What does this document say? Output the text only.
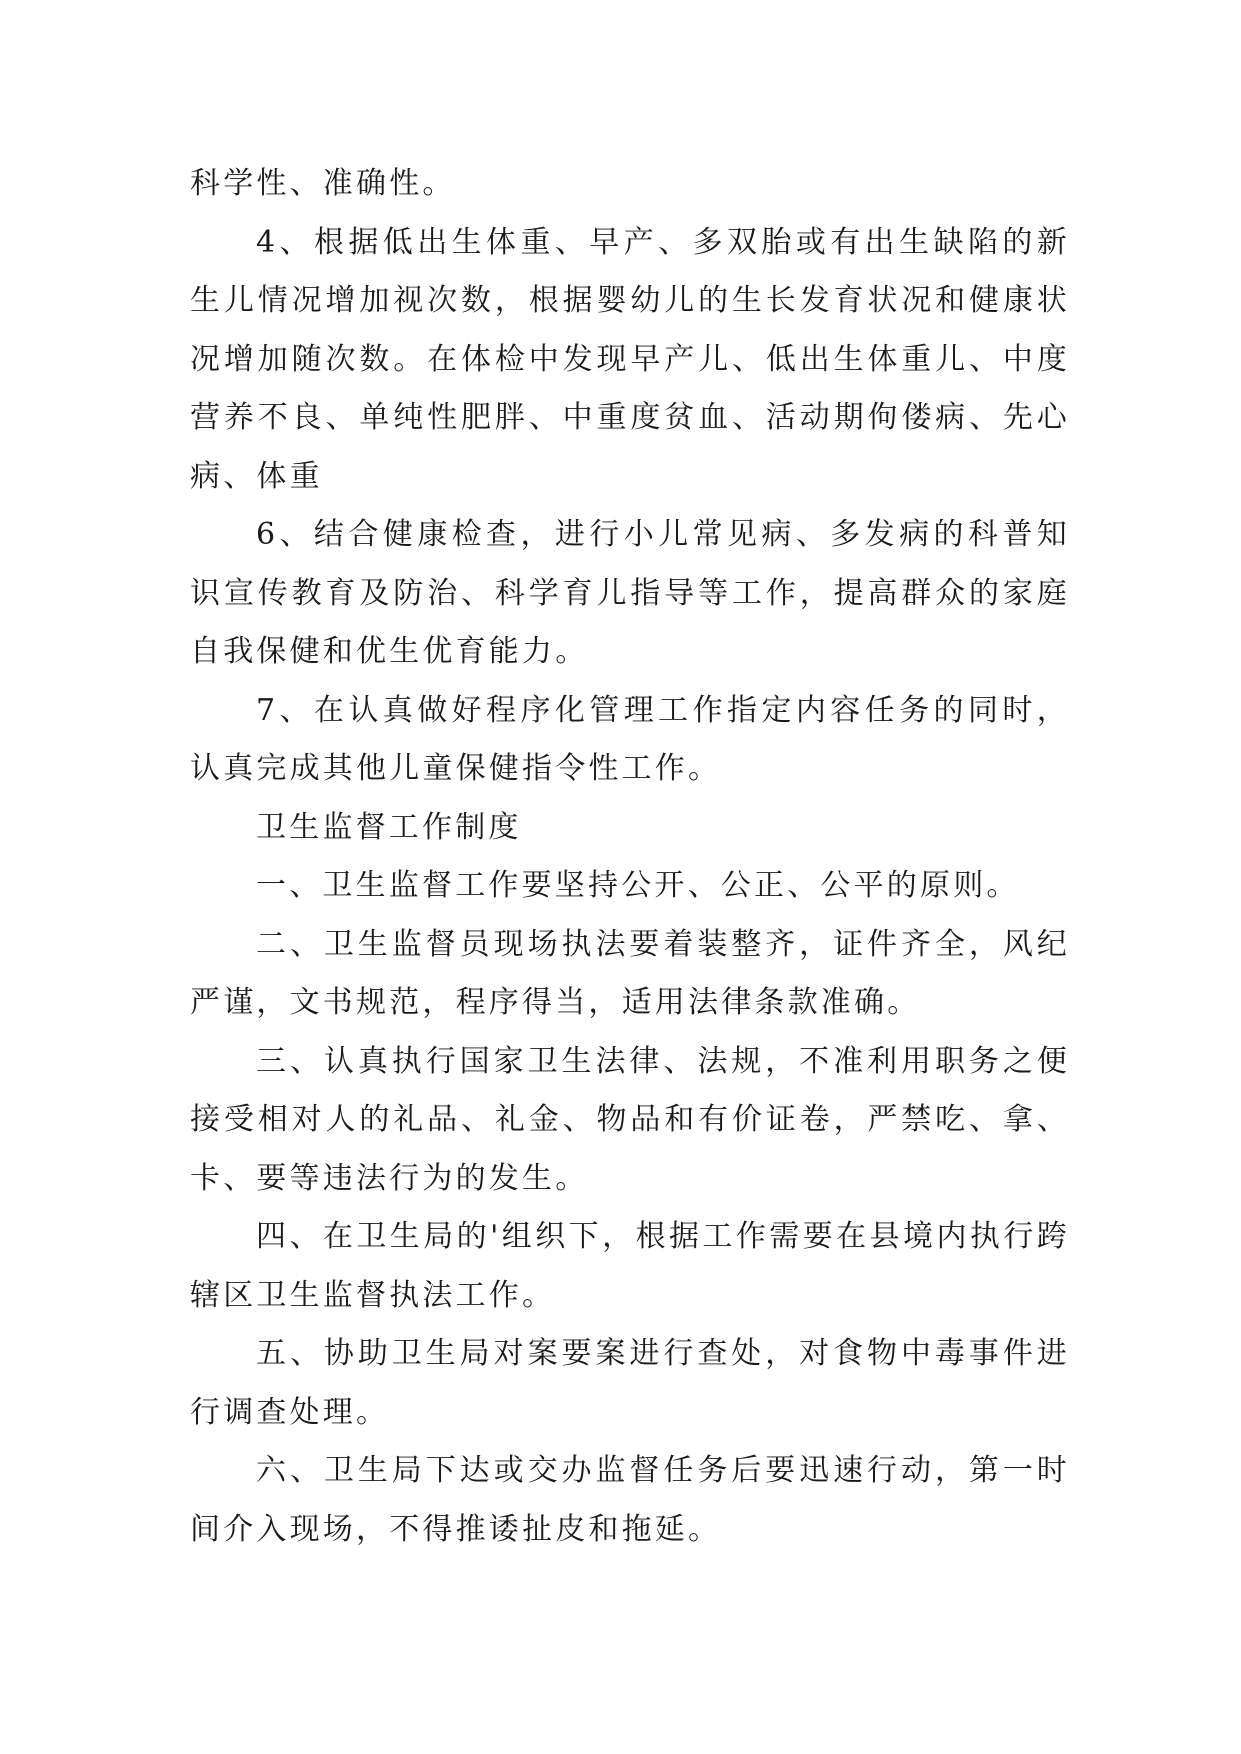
科学性、准确性。

4、根据低出生体重、早产、多双胎或有出生缺陷的新生儿情况增加视次数，根据婴幼儿的生长发育状况和健康状况增加随次数。在体检中发现早产儿、低出生体重儿、中度营养不良、单纯性肥胖、中重度贫血、活动期佝偻病、先心病、体重

6、结合健康检查，进行小儿常见病、多发病的科普知识宣传教育及防治、科学育儿指导等工作，提高群众的家庭自我保健和优生优育能力。

7、在认真做好程序化管理工作指定内容任务的同时，认真完成其他儿童保健指令性工作。

卫生监督工作制度

一、卫生监督工作要坚持公开、公正、公平的原则。

二、卫生监督员现场执法要着装整齐，证件齐全，风纪严谨，文书规范，程序得当，适用法律条款准确。

三、认真执行国家卫生法律、法规，不准利用职务之便接受相对人的礼品、礼金、物品和有价证卷，严禁吃、拿、卡、要等违法行为的发生。

四、在卫生局的'组织下，根据工作需要在县境内执行跨辖区卫生监督执法工作。

五、协助卫生局对案要案进行查处，对食物中毒事件进行调查处理。

六、卫生局下达或交办监督任务后要迅速行动，第一时间介入现场，不得推诿扯皮和拖延。
